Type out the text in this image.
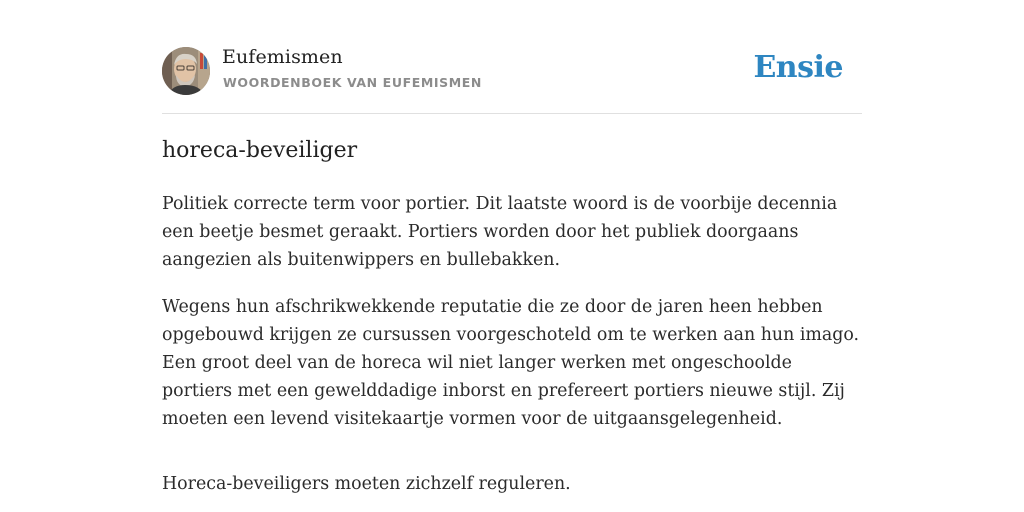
Eufemismen
WOORDENBOEK VAN EUFEMISMEN	Ensie
horeca-beveiliger

Politiek correcte term voor portier. Dit laatste woord is de voorbije decennia een beetje besmet geraakt. Portiers worden door het publiek doorgaans aangezien als buitenwippers en bullebakken.

Wegens hun afschrikwekkende reputatie die ze door de jaren heen hebben opgebouwd krijgen ze cursussen voorgeschoteld om te werken aan hun imago. Een groot deel van de horeca wil niet langer werken met ongeschoolde portiers met een gewelddadige inborst en prefereert portiers nieuwe stijl. Zij moeten een levend visitekaartje vormen voor de uitgaansgelegenheid.

Horeca-beveiligers moeten zichzelf reguleren.
